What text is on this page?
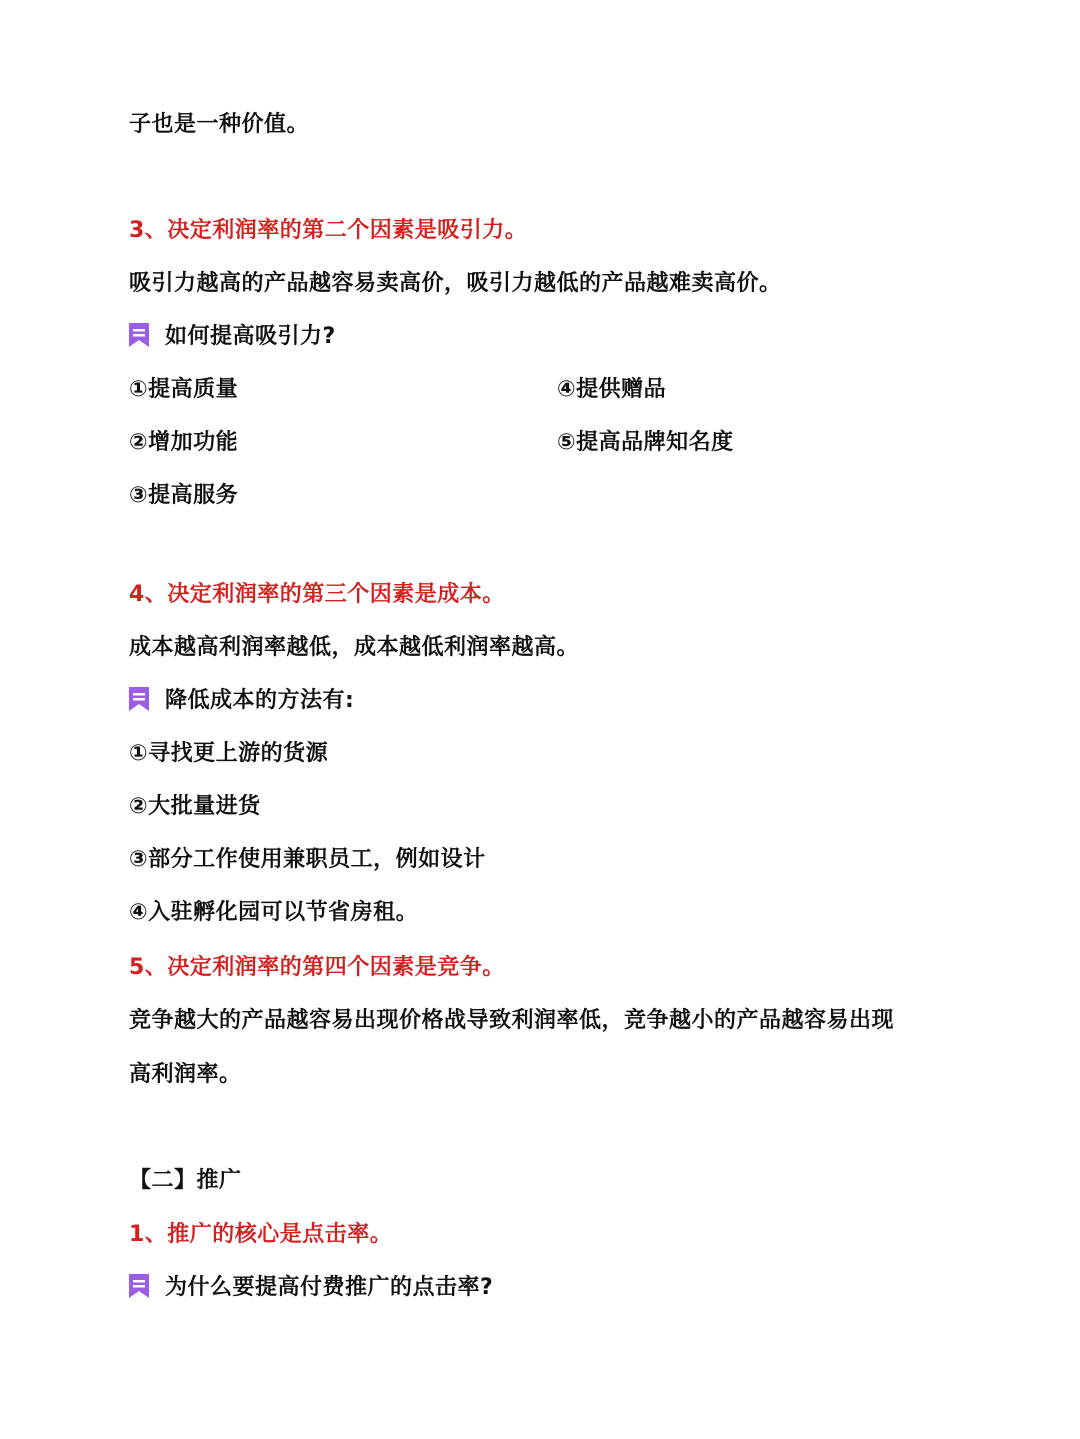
子也是一种价值。
3、决定利润率的第二个因素是吸引力。
吸引力越高的产品越容易卖高价，吸引力越低的产品越难卖高价。
如何提高吸引力?
①提高质量	④提供赠品
②增加功能	⑤提高品牌知名度
③提高服务
4、决定利润率的第三个因素是成本。
成本越高利润率越低，成本越低利润率越高。
降低成本的方法有:
①寻找更上游的货源
②大批量进货
③部分工作使用兼职员工，例如设计
④入驻孵化园可以节省房租。
5、决定利润率的第四个因素是竞争。
竞争越大的产品越容易出现价格战导致利润率低，竞争越小的产品越容易出现
高利润率。
【二】推广
1、推广的核心是点击率。
为什么要提高付费推广的点击率?
